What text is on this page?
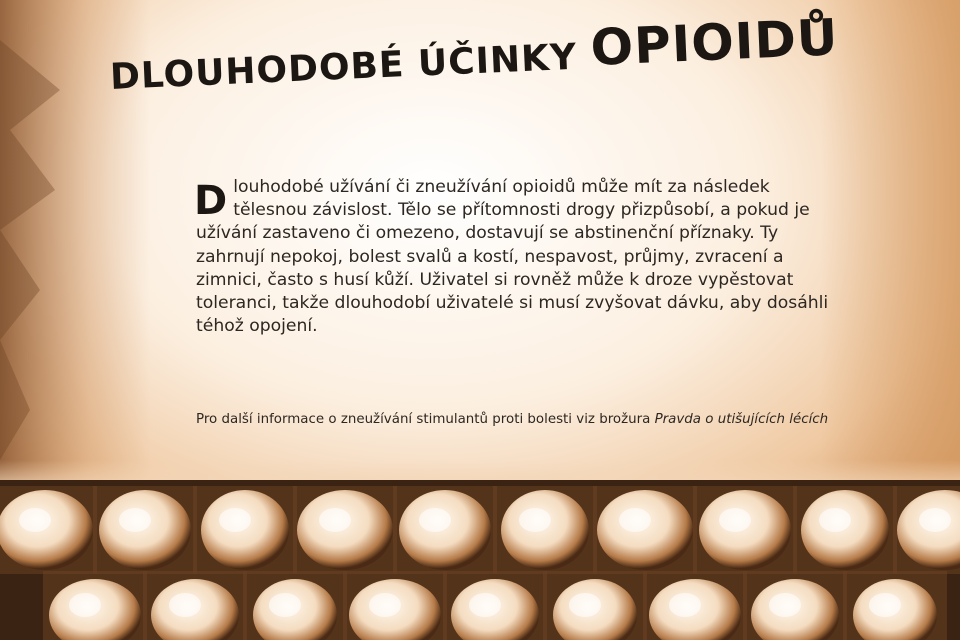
DLOUHODOBÉ ÚČINKY OPIOIDŮ
Dlouhodobé užívání či zneužívání opioidů může mít za následek tělesnou závislost. Tělo se přítomnosti drogy přizpůsobí, a pokud je užívání zastaveno či omezeno, dostavují se abstinenční příznaky. Ty zahrnují nepokoj, bolest svalů a kostí, nespavost, průjmy, zvracení a zimnici, často s husí kůží. Uživatel si rovněž může k droze vypěstovat toleranci, takže dlouhodobí uživatelé si musí zvyšovat dávku, aby dosáhli téhož opojení.
Pro další informace o zneužívání stimulantů proti bolesti viz brožura Pravda o utišujících lécích
